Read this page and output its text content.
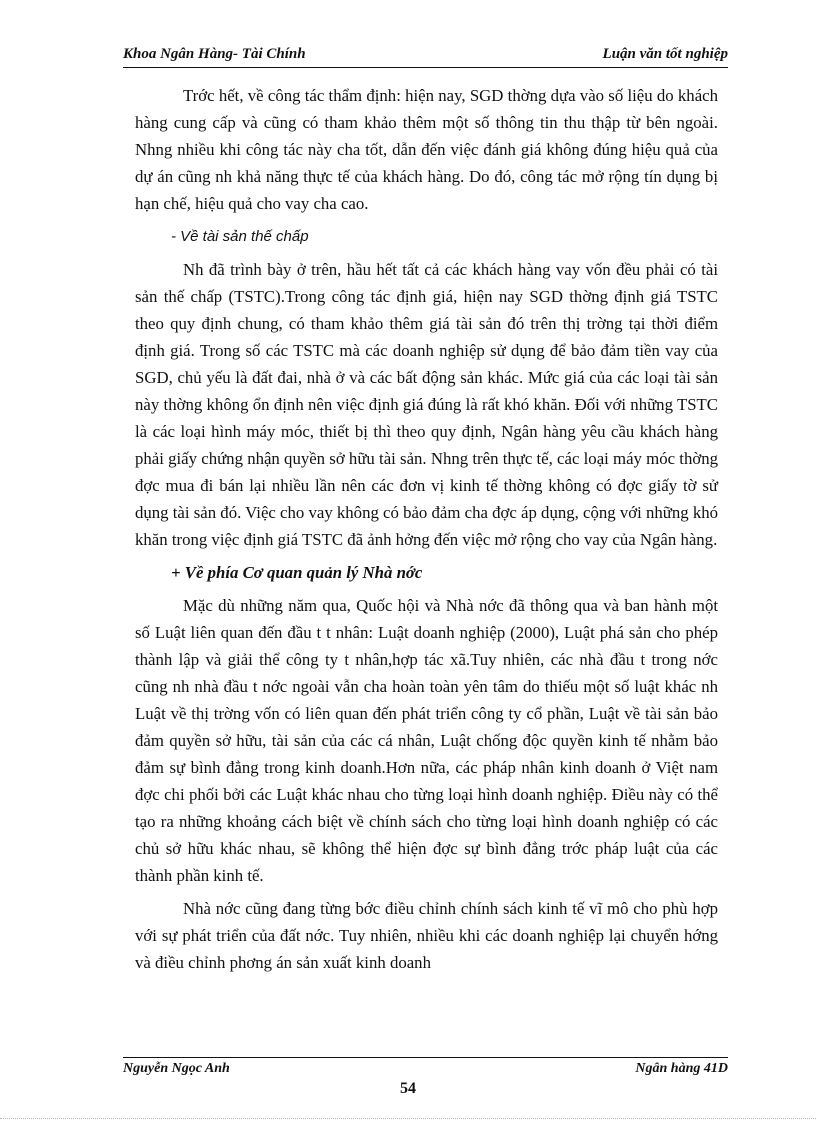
Khoa Ngân Hàng- Tài Chính	Luận văn tốt nghiệp

Trớc hết, về công tác thẩm định: hiện nay, SGD thờng dựa vào số liệu do khách hàng cung cấp và cũng có tham khảo thêm một số thông tin thu thập từ bên ngoài. Nhng nhiều khi công tác này cha tốt, dẫn đến việc đánh giá không đúng hiệu quả của dự án cũng nh khả năng thực tế của khách hàng. Do đó, công tác mở rộng tín dụng bị hạn chế, hiệu quả cho vay cha cao.

- Về tài sản thế chấp

Nh đã trình bày ở trên, hầu hết tất cả các khách hàng vay vốn đều phải có tài sản thế chấp (TSTC).Trong công tác định giá, hiện nay SGD thờng định giá TSTC theo quy định chung, có tham khảo thêm giá tài sản đó trên thị trờng tại thời điểm định giá. Trong số các TSTC mà các doanh nghiệp sử dụng để bảo đảm tiền vay của SGD, chủ yếu là đất đai, nhà ở và các bất động sản khác. Mức giá của các loại tài sản này thờng không ổn định nên việc định giá đúng là rất khó khăn. Đối với những TSTC là các loại hình máy móc, thiết bị thì theo quy định, Ngân hàng yêu cầu khách hàng phải giấy chứng nhận quyền sở hữu tài sản. Nhng trên thực tế, các loại máy móc thờng đợc mua đi bán lại nhiều lần nên các đơn vị kinh tế thờng không có đợc giấy tờ sử dụng tài sản đó. Việc cho vay không có bảo đảm cha đợc áp dụng, cộng với những khó khăn trong việc định giá TSTC đã ảnh hởng đến việc mở rộng cho vay của Ngân hàng.

+ Về phía Cơ quan quản lý Nhà nớc

Mặc dù những năm qua, Quốc hội và Nhà nớc đã thông qua và ban hành một số Luật liên quan đến đầu t t nhân: Luật doanh nghiệp (2000), Luật phá sản cho phép thành lập và giải thể công ty t nhân,hợp tác xã.Tuy nhiên, các nhà đầu t trong nớc cũng nh nhà đầu t nớc ngoài vẫn cha hoàn toàn yên tâm do thiếu một số luật khác nh Luật về thị trờng vốn có liên quan đến phát triển công ty cổ phần, Luật về tài sản bảo đảm quyền sở hữu, tài sản của các cá nhân, Luật chống độc quyền kinh tế nhằm bảo đảm sự bình đẳng trong kinh doanh.Hơn nữa, các pháp nhân kinh doanh ở Việt nam đợc chi phối bởi các Luật khác nhau cho từng loại hình doanh nghiệp. Điều này có thể tạo ra những khoảng cách biệt về chính sách cho từng loại hình doanh nghiệp có các chủ sở hữu khác nhau, sẽ không thể hiện đợc sự bình đẳng trớc pháp luật của các thành phần kinh tế.

Nhà nớc cũng đang từng bớc điều chỉnh chính sách kinh tế vĩ mô cho phù hợp với sự phát triển của đất nớc. Tuy nhiên, nhiều khi các doanh nghiệp lại chuyển hớng và điều chỉnh phơng án sản xuất kinh doanh

Nguyễn Ngọc Anh	Ngân hàng 41D
54
